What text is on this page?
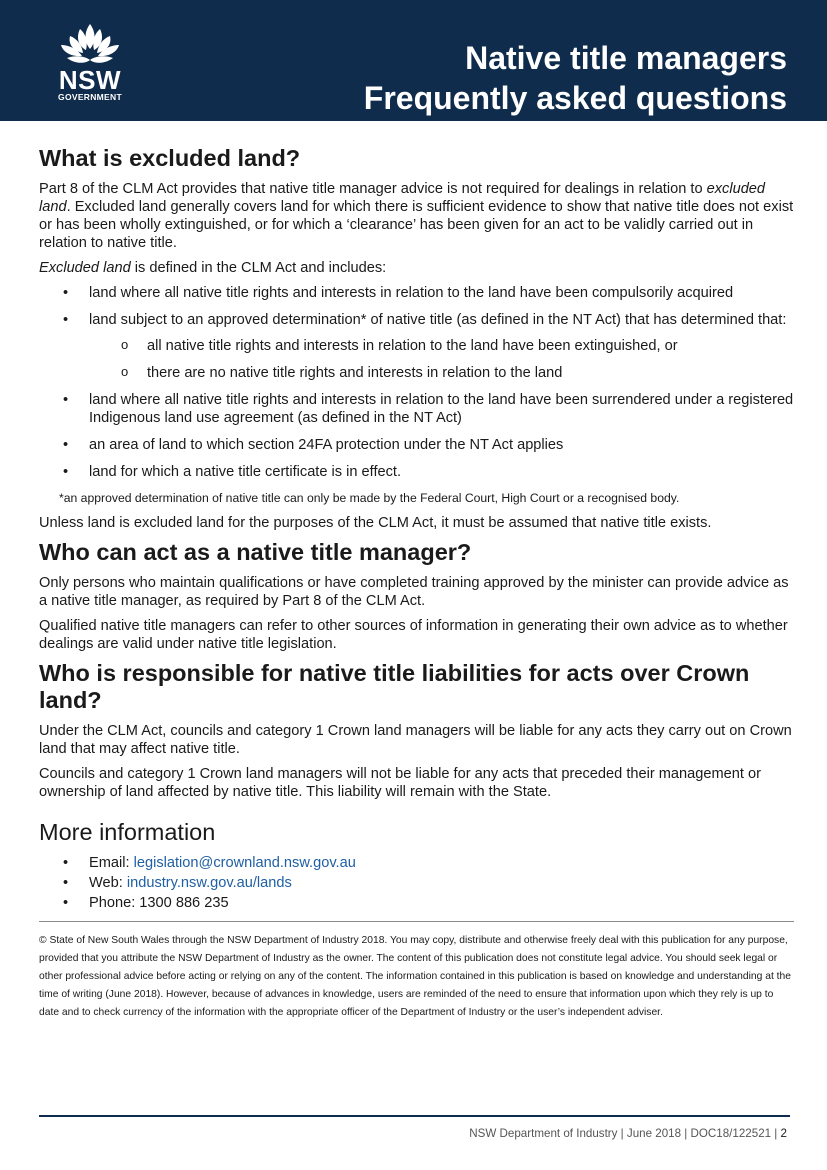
NSW
GOVERNMENT
Native title managers
Frequently asked questions
What is excluded land?

Part 8 of the CLM Act provides that native title manager advice is not required for dealings in relation to excluded land. Excluded land generally covers land for which there is sufficient evidence to show that native title does not exist or has been wholly extinguished, or for which a ‘clearance’ has been given for an act to be validly carried out in relation to native title.

Excluded land is defined in the CLM Act and includes:

• land where all native title rights and interests in relation to the land have been compulsorily acquired
• land subject to an approved determination* of native title (as defined in the NT Act) that has determined that:
o all native title rights and interests in relation to the land have been extinguished, or
o there are no native title rights and interests in relation to the land
• land where all native title rights and interests in relation to the land have been surrendered under a registered Indigenous land use agreement (as defined in the NT Act)
• an area of land to which section 24FA protection under the NT Act applies
• land for which a native title certificate is in effect.

*an approved determination of native title can only be made by the Federal Court, High Court or a recognised body.

Unless land is excluded land for the purposes of the CLM Act, it must be assumed that native title exists.

Who can act as a native title manager?

Only persons who maintain qualifications or have completed training approved by the minister can provide advice as a native title manager, as required by Part 8 of the CLM Act.

Qualified native title managers can refer to other sources of information in generating their own advice as to whether dealings are valid under native title legislation.

Who is responsible for native title liabilities for acts over Crown land?

Under the CLM Act, councils and category 1 Crown land managers will be liable for any acts they carry out on Crown land that may affect native title.

Councils and category 1 Crown land managers will not be liable for any acts that preceded their management or ownership of land affected by native title. This liability will remain with the State.

More information
• Email: legislation@crownland.nsw.gov.au
• Web: industry.nsw.gov.au/lands
• Phone: 1300 886 235

© State of New South Wales through the NSW Department of Industry 2018. You may copy, distribute and otherwise freely deal with this publication for any purpose, provided that you attribute the NSW Department of Industry as the owner. The content of this publication does not constitute legal advice. You should seek legal or other professional advice before acting or relying on any of the content. The information contained in this publication is based on knowledge and understanding at the time of writing (June 2018). However, because of advances in knowledge, users are reminded of the need to ensure that information upon which they rely is up to date and to check currency of the information with the appropriate officer of the Department of Industry or the user’s independent adviser.

NSW Department of Industry | June 2018 | DOC18/122521 | 2
